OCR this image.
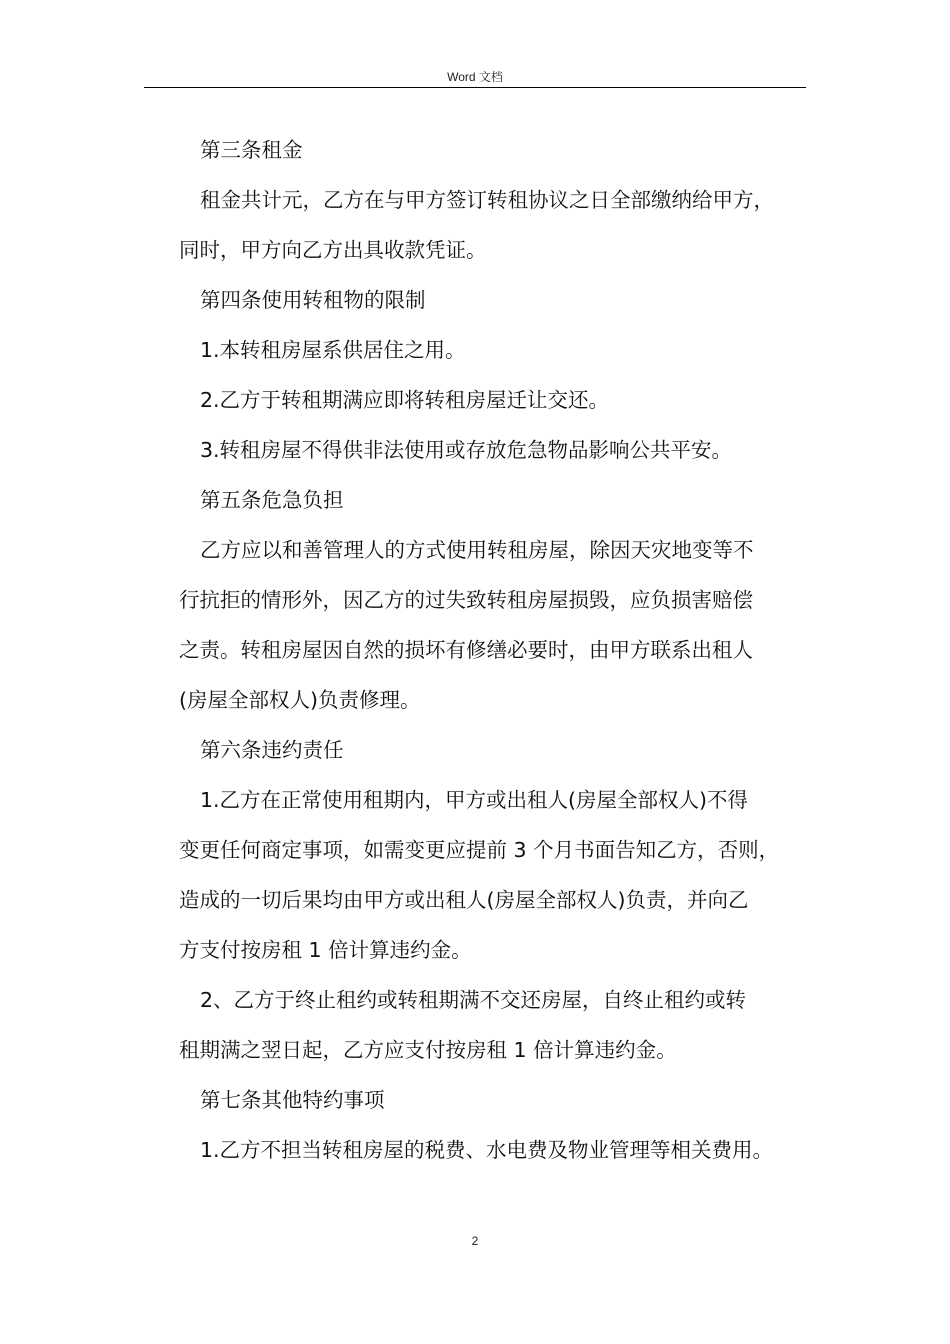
Word 文档
第三条租金
租金共计元，乙方在与甲方签订转租协议之日全部缴纳给甲方，
同时，甲方向乙方出具收款凭证。
第四条使用转租物的限制
1.本转租房屋系供居住之用。
2.乙方于转租期满应即将转租房屋迁让交还。
3.转租房屋不得供非法使用或存放危急物品影响公共平安。
第五条危急负担
乙方应以和善管理人的方式使用转租房屋，除因天灾地变等不
行抗拒的情形外，因乙方的过失致转租房屋损毁，应负损害赔偿
之责。转租房屋因自然的损坏有修缮必要时，由甲方联系出租人
(房屋全部权人)负责修理。
第六条违约责任
1.乙方在正常使用租期内，甲方或出租人(房屋全部权人)不得
变更任何商定事项，如需变更应提前 3 个月书面告知乙方，否则，
造成的一切后果均由甲方或出租人(房屋全部权人)负责，并向乙
方支付按房租 1 倍计算违约金。
2、乙方于终止租约或转租期满不交还房屋，自终止租约或转
租期满之翌日起，乙方应支付按房租 1 倍计算违约金。
第七条其他特约事项
1.乙方不担当转租房屋的税费、水电费及物业管理等相关费用。
2
